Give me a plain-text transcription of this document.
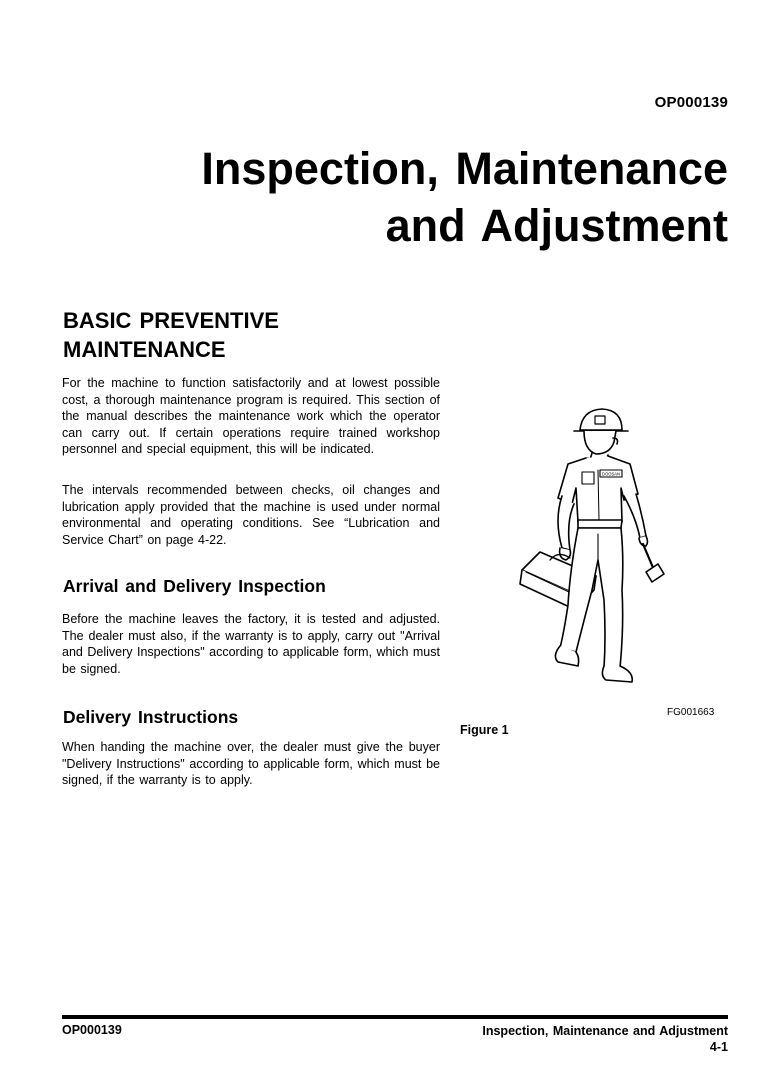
OP000139
Inspection, Maintenance
and Adjustment
BASIC PREVENTIVE
MAINTENANCE

For the machine to function satisfactorily and at lowest possible cost, a thorough maintenance program is required. This section of the manual describes the maintenance work which the operator can carry out. If certain operations require trained workshop personnel and special equipment, this will be indicated.

The intervals recommended between checks, oil changes and lubrication apply provided that the machine is used under normal environmental and operating conditions. See “Lubrication and Service Chart” on page 4-22.

Arrival and Delivery Inspection

Before the machine leaves the factory, it is tested and adjusted. The dealer must also, if the warranty is to apply, carry out "Arrival and Delivery Inspections" according to applicable form, which must be signed.

Delivery Instructions

When handing the machine over, the dealer must give the buyer "Delivery Instructions" according to applicable form, which must be signed, if the warranty is to apply.

DOOSAN
FG001663
Figure 1
OP000139	Inspection, Maintenance and Adjustment
4-1
